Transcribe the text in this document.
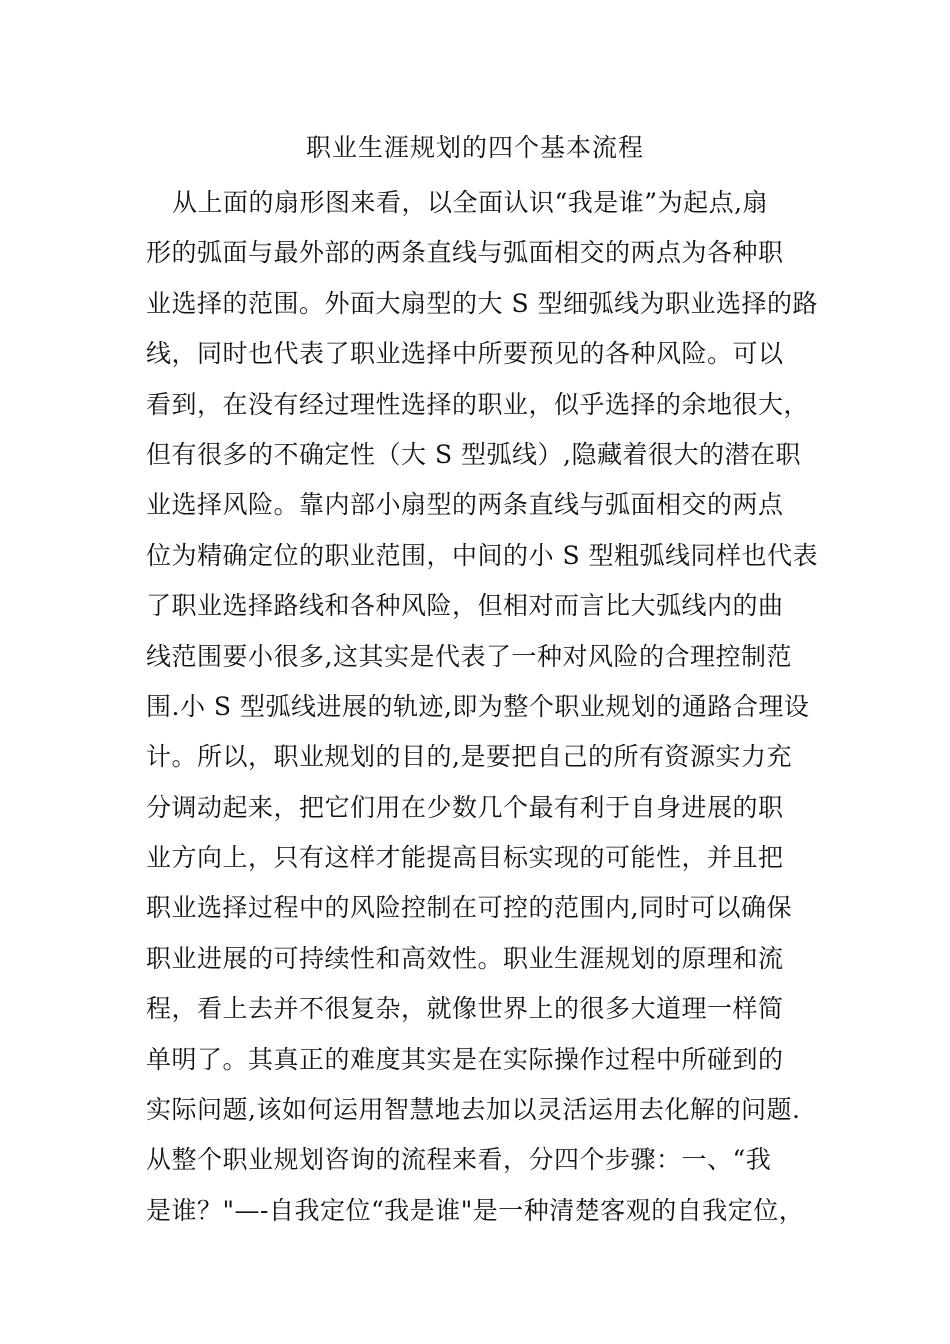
职业生涯规划的四个基本流程
从上面的扇形图来看，以全面认识“我是谁”为起点,扇
形的弧面与最外部的两条直线与弧面相交的两点为各种职
业选择的范围。外面大扇型的大 S 型细弧线为职业选择的路
线，同时也代表了职业选择中所要预见的各种风险。可以
看到，在没有经过理性选择的职业，似乎选择的余地很大，
但有很多的不确定性（大 S 型弧线）,隐藏着很大的潜在职
业选择风险。靠内部小扇型的两条直线与弧面相交的两点
位为精确定位的职业范围，中间的小 S 型粗弧线同样也代表
了职业选择路线和各种风险，但相对而言比大弧线内的曲
线范围要小很多,这其实是代表了一种对风险的合理控制范
围.小 S 型弧线进展的轨迹,即为整个职业规划的通路合理设
计。所以，职业规划的目的,是要把自己的所有资源实力充
分调动起来，把它们用在少数几个最有利于自身进展的职
业方向上，只有这样才能提高目标实现的可能性，并且把
职业选择过程中的风险控制在可控的范围内,同时可以确保
职业进展的可持续性和高效性。职业生涯规划的原理和流
程，看上去并不很复杂，就像世界上的很多大道理一样简
单明了。其真正的难度其实是在实际操作过程中所碰到的
实际问题,该如何运用智慧地去加以灵活运用去化解的问题.
从整个职业规划咨询的流程来看，分四个步骤：一、“我
是谁？"—-自我定位“我是谁"是一种清楚客观的自我定位，
